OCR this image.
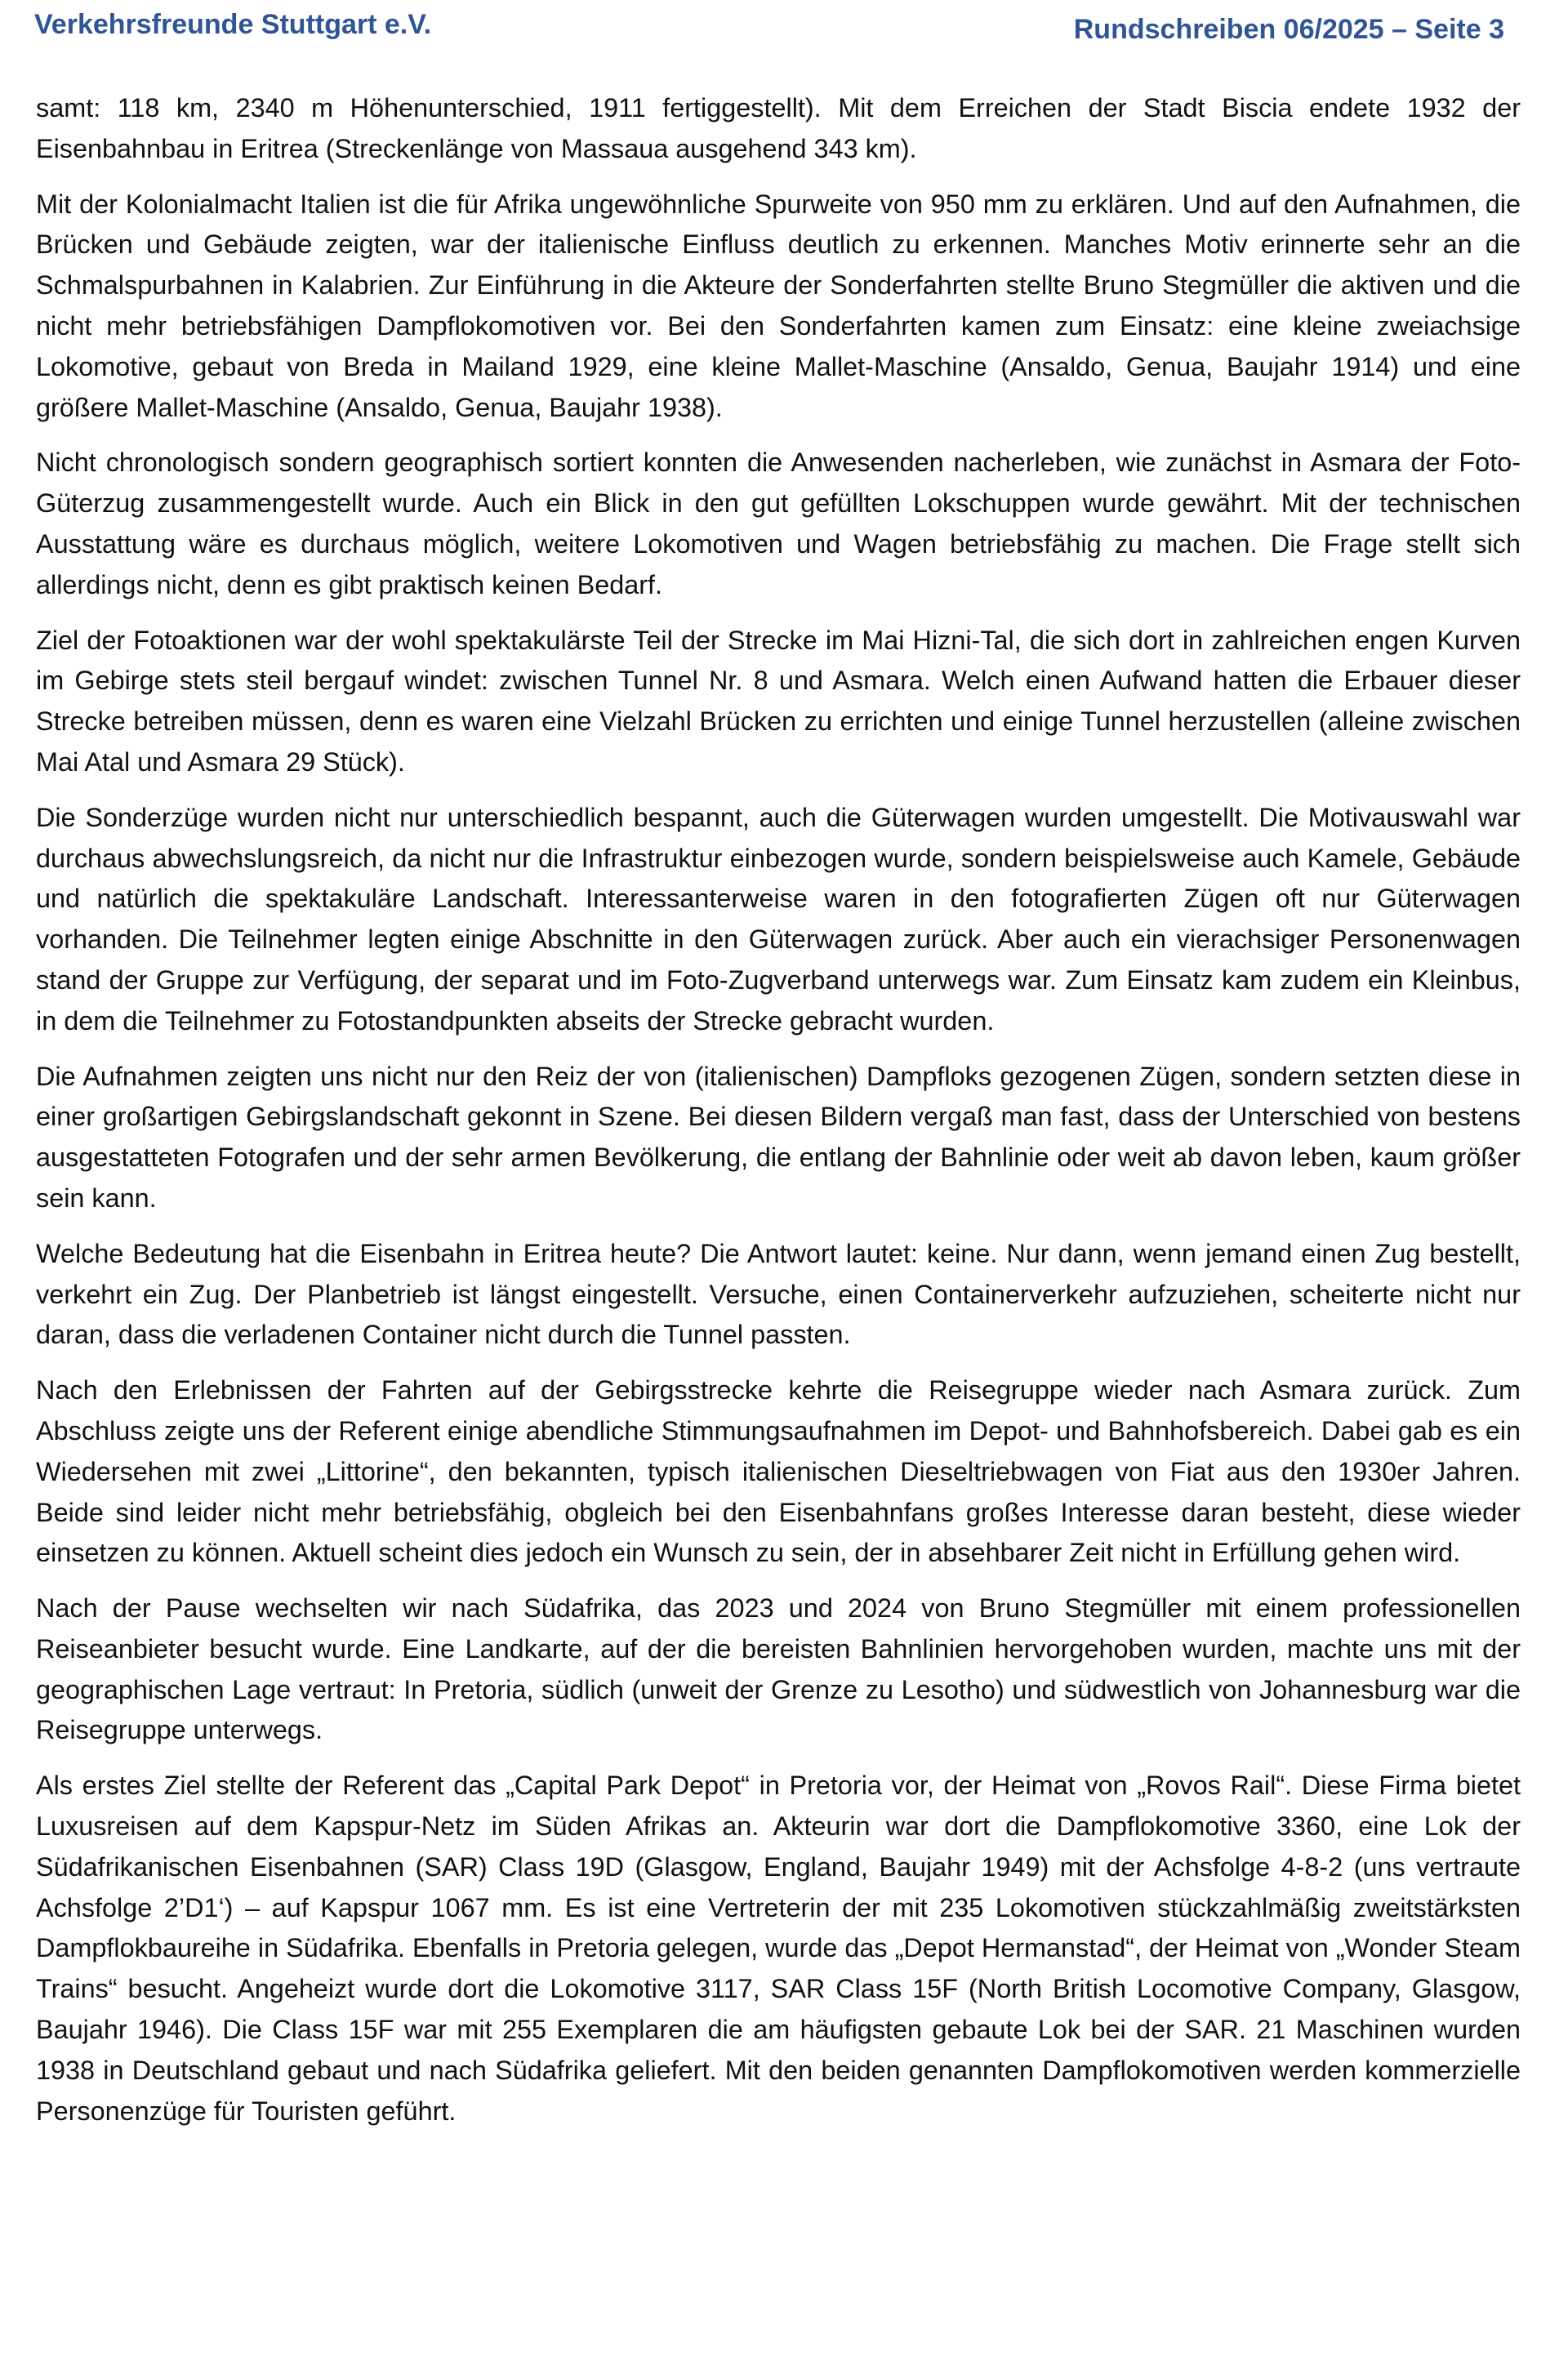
Verkehrsfreunde Stuttgart e.V.	Rundschreiben 06/2025 – Seite 3

samt: 118 km, 2340 m Höhenunterschied, 1911 fertiggestellt). Mit dem Erreichen der Stadt Biscia endete 1932 der Eisenbahnbau in Eritrea (Streckenlänge von Massaua ausgehend 343 km).

Mit der Kolonialmacht Italien ist die für Afrika ungewöhnliche Spurweite von 950 mm zu erklären. Und auf den Aufnahmen, die Brücken und Gebäude zeigten, war der italienische Einfluss deutlich zu erkennen. Manches Motiv erinnerte sehr an die Schmalspurbahnen in Kalabrien. Zur Einführung in die Akteure der Sonderfahrten stellte Bruno Stegmüller die aktiven und die nicht mehr betriebsfähigen Dampflokomotiven vor. Bei den Sonderfahrten kamen zum Einsatz: eine kleine zweiachsige Lokomotive, gebaut von Breda in Mailand 1929, eine kleine Mallet-Maschine (Ansaldo, Genua, Baujahr 1914) und eine größere Mallet-Maschine (Ansaldo, Genua, Baujahr 1938).

Nicht chronologisch sondern geographisch sortiert konnten die Anwesenden nacherleben, wie zunächst in Asmara der Foto-Güterzug zusammengestellt wurde. Auch ein Blick in den gut gefüllten Lokschuppen wurde gewährt. Mit der technischen Ausstattung wäre es durchaus möglich, weitere Lokomotiven und Wagen betriebsfähig zu machen. Die Frage stellt sich allerdings nicht, denn es gibt praktisch keinen Bedarf.

Ziel der Fotoaktionen war der wohl spektakulärste Teil der Strecke im Mai Hizni-Tal, die sich dort in zahlreichen engen Kurven im Gebirge stets steil bergauf windet: zwischen Tunnel Nr. 8 und Asmara. Welch einen Aufwand hatten die Erbauer dieser Strecke betreiben müssen, denn es waren eine Vielzahl Brücken zu errichten und einige Tunnel herzustellen (alleine zwischen Mai Atal und Asmara 29 Stück).

Die Sonderzüge wurden nicht nur unterschiedlich bespannt, auch die Güterwagen wurden umgestellt. Die Motivauswahl war durchaus abwechslungsreich, da nicht nur die Infrastruktur einbezogen wurde, sondern beispielsweise auch Kamele, Gebäude und natürlich die spektakuläre Landschaft. Interessanterweise waren in den fotografierten Zügen oft nur Güterwagen vorhanden. Die Teilnehmer legten einige Abschnitte in den Güterwagen zurück. Aber auch ein vierachsiger Personenwagen stand der Gruppe zur Verfügung, der separat und im Foto-Zugverband unterwegs war. Zum Einsatz kam zudem ein Kleinbus, in dem die Teilnehmer zu Fotostandpunkten abseits der Strecke gebracht wurden.

Die Aufnahmen zeigten uns nicht nur den Reiz der von (italienischen) Dampfloks gezogenen Zügen, sondern setzten diese in einer großartigen Gebirgslandschaft gekonnt in Szene. Bei diesen Bildern vergaß man fast, dass der Unterschied von bestens ausgestatteten Fotografen und der sehr armen Bevölkerung, die entlang der Bahnlinie oder weit ab davon leben, kaum größer sein kann.

Welche Bedeutung hat die Eisenbahn in Eritrea heute? Die Antwort lautet: keine. Nur dann, wenn jemand einen Zug bestellt, verkehrt ein Zug. Der Planbetrieb ist längst eingestellt. Versuche, einen Containerverkehr aufzuziehen, scheiterte nicht nur daran, dass die verladenen Container nicht durch die Tunnel passten.

Nach den Erlebnissen der Fahrten auf der Gebirgsstrecke kehrte die Reisegruppe wieder nach Asmara zurück. Zum Abschluss zeigte uns der Referent einige abendliche Stimmungsaufnahmen im Depot- und Bahnhofsbereich. Dabei gab es ein Wiedersehen mit zwei „Littorine“, den bekannten, typisch italienischen Dieseltriebwagen von Fiat aus den 1930er Jahren. Beide sind leider nicht mehr betriebsfähig, obgleich bei den Eisenbahnfans großes Interesse daran besteht, diese wieder einsetzen zu können. Aktuell scheint dies jedoch ein Wunsch zu sein, der in absehbarer Zeit nicht in Erfüllung gehen wird.

Nach der Pause wechselten wir nach Südafrika, das 2023 und 2024 von Bruno Stegmüller mit einem professionellen Reiseanbieter besucht wurde. Eine Landkarte, auf der die bereisten Bahnlinien hervorgehoben wurden, machte uns mit der geographischen Lage vertraut: In Pretoria, südlich (unweit der Grenze zu Lesotho) und südwestlich von Johannesburg war die Reisegruppe unterwegs.

Als erstes Ziel stellte der Referent das „Capital Park Depot“ in Pretoria vor, der Heimat von „Rovos Rail“. Diese Firma bietet Luxusreisen auf dem Kapspur-Netz im Süden Afrikas an. Akteurin war dort die Dampflokomotive 3360, eine Lok der Südafrikanischen Eisenbahnen (SAR) Class 19D (Glasgow, England, Baujahr 1949) mit der Achsfolge 4-8-2 (uns vertraute Achsfolge 2’D1‘) – auf Kapspur 1067 mm. Es ist eine Vertreterin der mit 235 Lokomotiven stückzahlmäßig zweitstärksten Dampflokbaureihe in Südafrika. Ebenfalls in Pretoria gelegen, wurde das „Depot Hermanstad“, der Heimat von „Wonder Steam Trains“ besucht. Angeheizt wurde dort die Lokomotive 3117, SAR Class 15F (North British Locomotive Company, Glasgow, Baujahr 1946). Die Class 15F war mit 255 Exemplaren die am häufigsten gebaute Lok bei der SAR. 21 Maschinen wurden 1938 in Deutschland gebaut und nach Südafrika geliefert. Mit den beiden genannten Dampflokomotiven werden kommerzielle Personenzüge für Touristen geführt.
